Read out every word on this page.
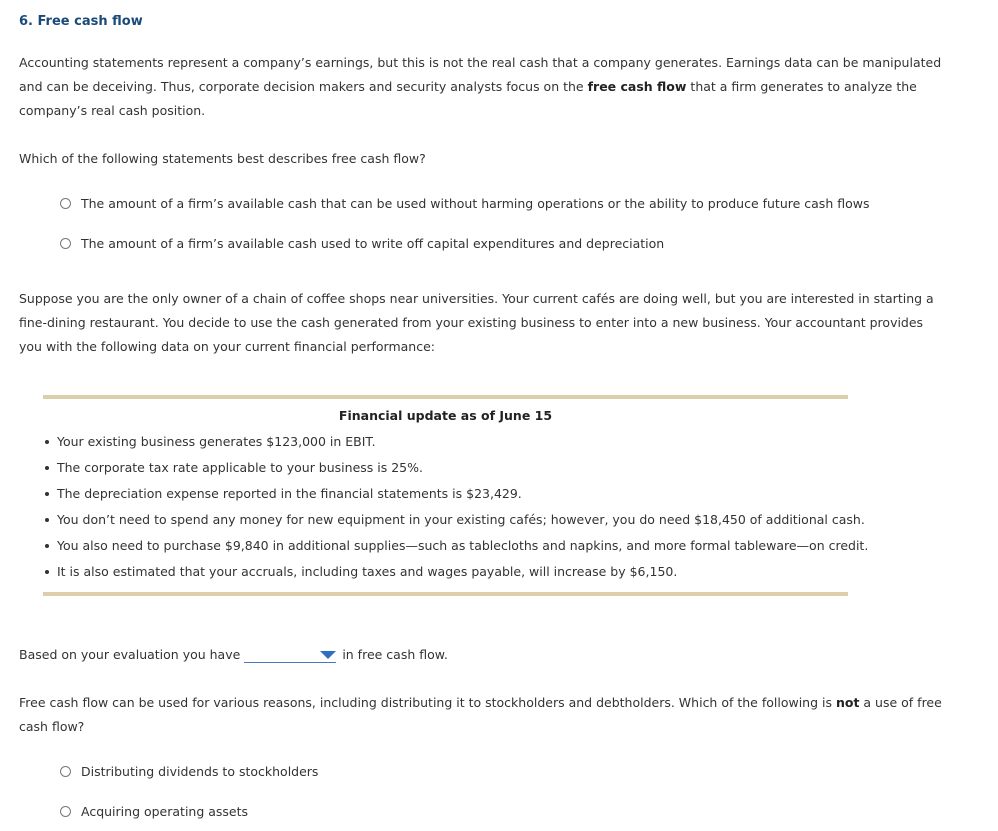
6. Free cash flow

Accounting statements represent a company’s earnings, but this is not the real cash that a company generates. Earnings data can be manipulated and can be deceiving. Thus, corporate decision makers and security analysts focus on the free cash flow that a firm generates to analyze the company’s real cash position.

Which of the following statements best describes free cash flow?

The amount of a firm’s available cash that can be used without harming operations or the ability to produce future cash flows
The amount of a firm’s available cash used to write off capital expenditures and depreciation

Suppose you are the only owner of a chain of coffee shops near universities. Your current cafés are doing well, but you are interested in starting a fine-dining restaurant. You decide to use the cash generated from your existing business to enter into a new business. Your accountant provides you with the following data on your current financial performance:

Financial update as of June 15

Your existing business generates $123,000 in EBIT.
The corporate tax rate applicable to your business is 25%.
The depreciation expense reported in the financial statements is $23,429.
You don’t need to spend any money for new equipment in your existing cafés; however, you do need $18,450 of additional cash.
You also need to purchase $9,840 in additional supplies—such as tablecloths and napkins, and more formal tableware—on credit.
It is also estimated that your accruals, including taxes and wages payable, will increase by $6,150.
Based on your evaluation you have	in free cash flow.

Free cash flow can be used for various reasons, including distributing it to stockholders and debtholders. Which of the following is not a use of free cash flow?

Distributing dividends to stockholders
Acquiring operating assets
